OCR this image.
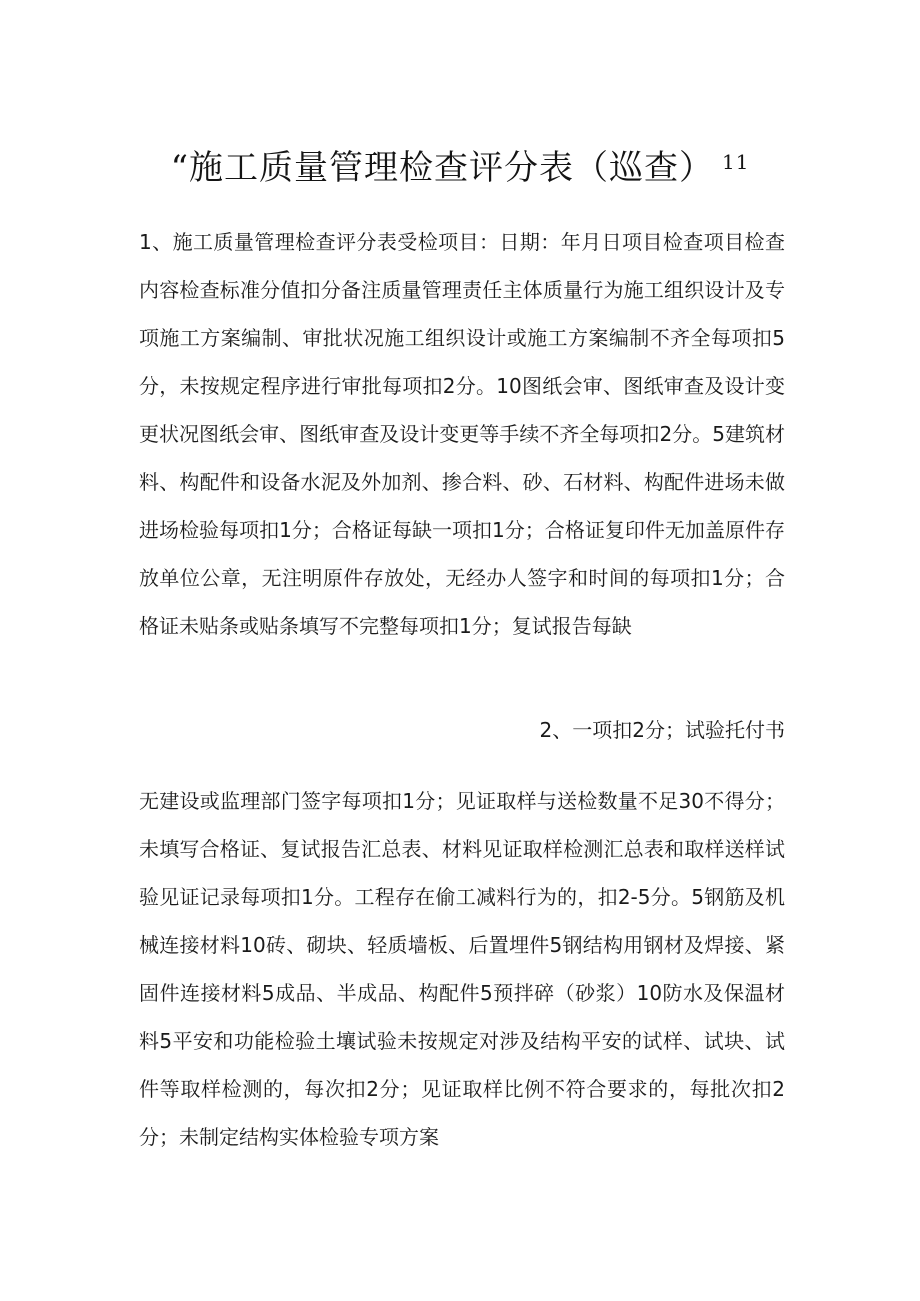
“施工质量管理检查评分表（巡查） $^{11}$

1、施工质量管理检查评分表受检项目：日期：年月日项目检查项目检查内容检查标准分值扣分备注质量管理责任主体质量行为施工组织设计及专项施工方案编制、审批状况施工组织设计或施工方案编制不齐全每项扣5分，未按规定程序进行审批每项扣2分。10图纸会审、图纸审查及设计变更状况图纸会审、图纸审查及设计变更等手续不齐全每项扣2分。5建筑材料、构配件和设备水泥及外加剂、掺合料、砂、石材料、构配件进场未做进场检验每项扣1分；合格证每缺一项扣1分；合格证复印件无加盖原件存放单位公章，无注明原件存放处，无经办人签字和时间的每项扣1分；合格证未贴条或贴条填写不完整每项扣1分；复试报告每缺

2、一项扣2分；试验托付书

无建设或监理部门签字每项扣1分；见证取样与送检数量不足30不得分；未填写合格证、复试报告汇总表、材料见证取样检测汇总表和取样送样试验见证记录每项扣1分。工程存在偷工减料行为的，扣2-5分。5钢筋及机械连接材料10砖、砌块、轻质墙板、后置埋件5钢结构用钢材及焊接、紧固件连接材料5成品、半成品、构配件5预拌碎（砂浆）10防水及保温材料5平安和功能检验土壤试验未按规定对涉及结构平安的试样、试块、试件等取样检测的，每次扣2分；见证取样比例不符合要求的，每批次扣2分；未制定结构实体检验专项方案
